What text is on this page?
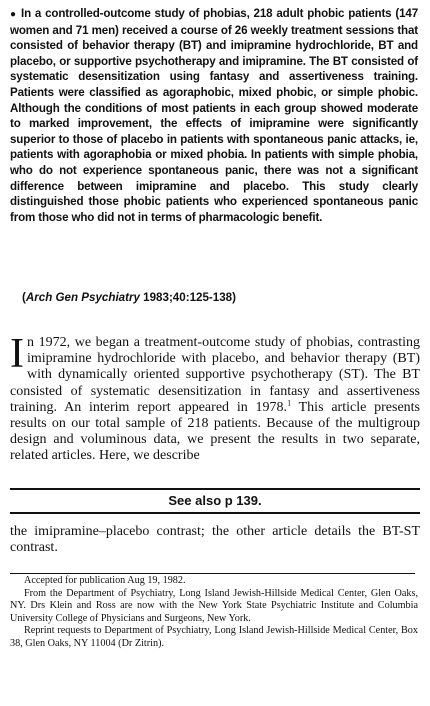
● In a controlled-outcome study of phobias, 218 adult phobic patients (147 women and 71 men) received a course of 26 weekly treatment sessions that consisted of behavior therapy (BT) and imipramine hydrochloride, BT and placebo, or supportive psychotherapy and imipramine. The BT consisted of systematic desensitization using fantasy and assertiveness training. Patients were classified as agoraphobic, mixed phobic, or simple phobic. Although the conditions of most patients in each group showed moderate to marked improvement, the effects of imipramine were significantly superior to those of placebo in patients with spontaneous panic attacks, ie, patients with agoraphobia or mixed phobia. In patients with simple phobia, who do not experience spontaneous panic, there was not a significant difference between imipramine and placebo. This study clearly distinguished those phobic patients who experienced spontaneous panic from those who did not in terms of pharmacologic benefit.

(Arch Gen Psychiatry 1983;40:125-138)

In 1972, we began a treatment-outcome study of phobias, contrasting imipramine hydrochloride with placebo, and behavior therapy (BT) with dynamically oriented supportive psychotherapy (ST). The BT consisted of systematic desensitization in fantasy and assertiveness training. An interim report appeared in 1978.$^1$ This article presents results on our total sample of 218 patients. Because of the multigroup design and voluminous data, we present the results in two separate, related articles. Here, we describe

See also p 139.

the imipramine–placebo contrast; the other article details the BT-ST contrast.

Accepted for publication Aug 19, 1982.

From the Department of Psychiatry, Long Island Jewish-Hillside Medical Center, Glen Oaks, NY. Drs Klein and Ross are now with the New York State Psychiatric Institute and Columbia University College of Physicians and Surgeons, New York.

Reprint requests to Department of Psychiatry, Long Island Jewish-Hillside Medical Center, Box 38, Glen Oaks, NY 11004 (Dr Zitrin).
